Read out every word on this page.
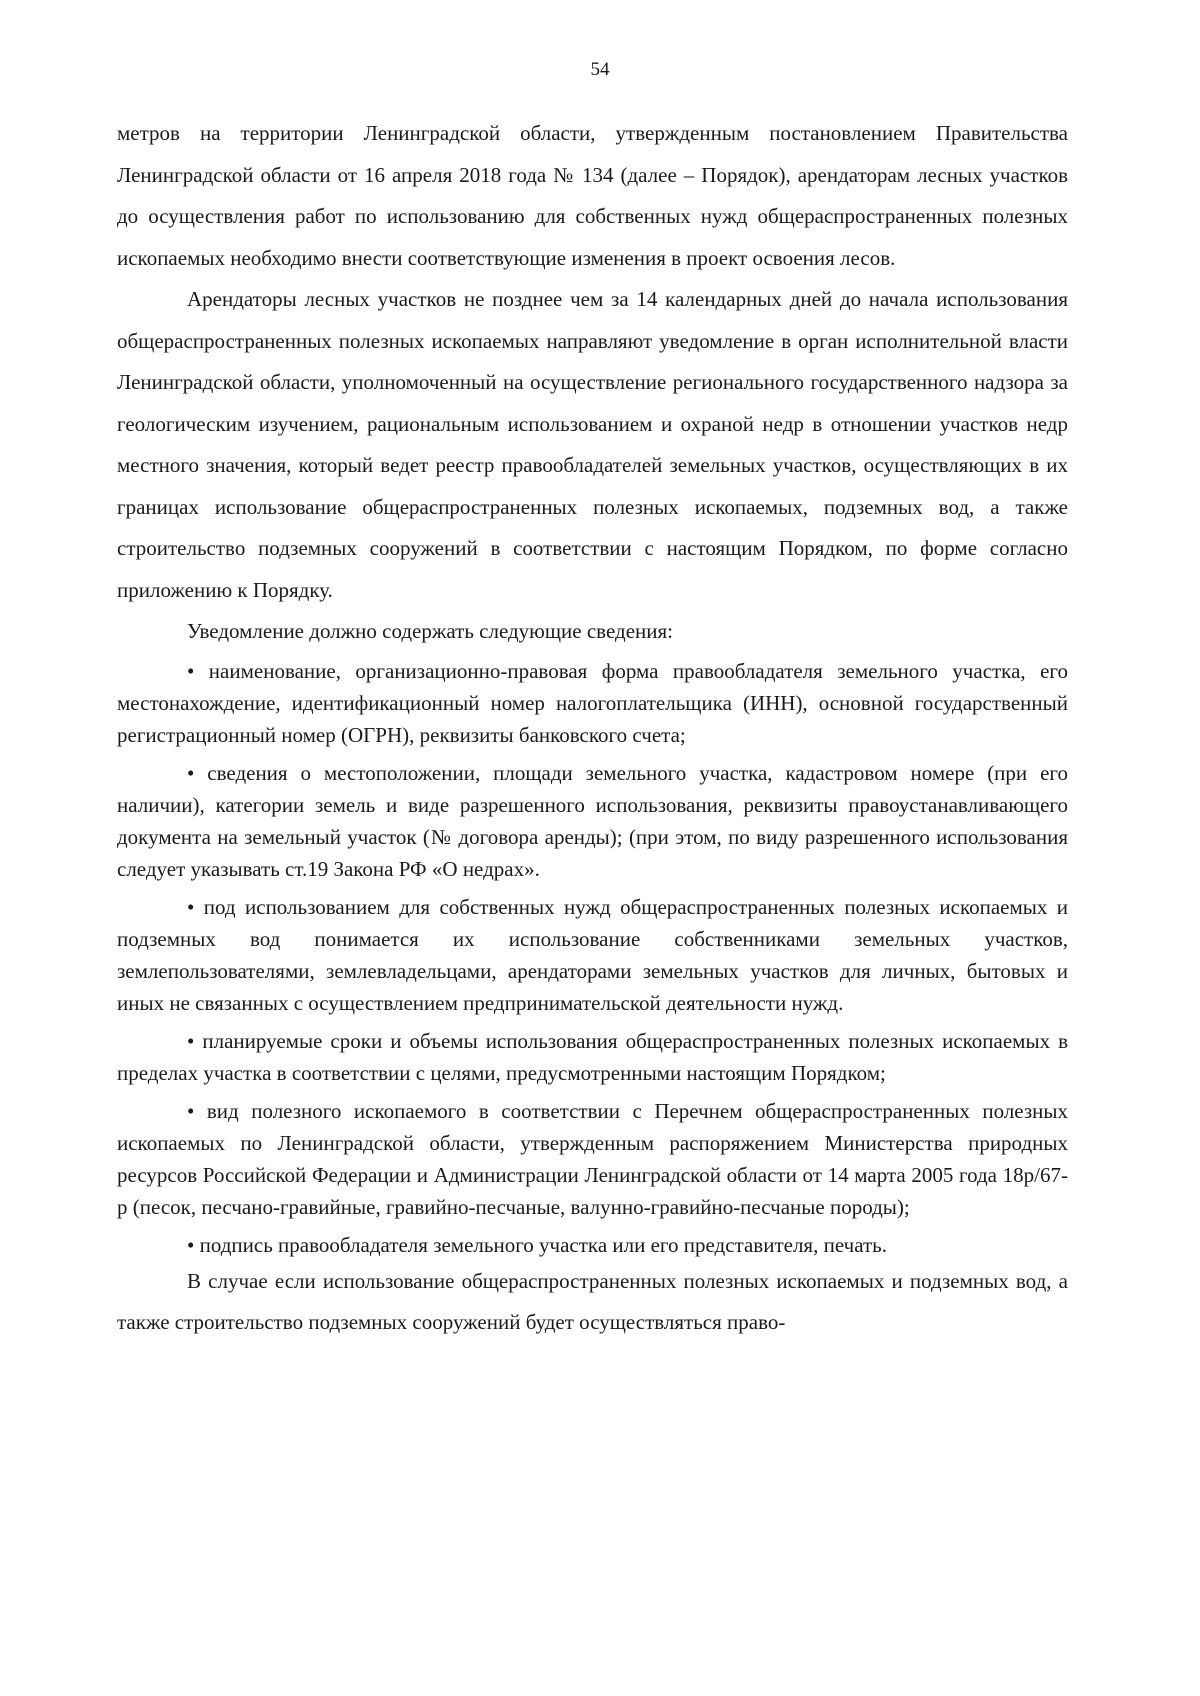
54

метров на территории Ленинградской области, утвержденным постановлением Правительства Ленинградской области от 16 апреля 2018 года № 134 (далее – Порядок), арендаторам лесных участков до осуществления работ по использованию для собственных нужд общераспространенных полезных ископаемых необходимо внести соответствующие изменения в проект освоения лесов.

Арендаторы лесных участков не позднее чем за 14 календарных дней до начала использования общераспространенных полезных ископаемых направляют уведомление в орган исполнительной власти Ленинградской области, уполномоченный на осуществление регионального государственного надзора за геологическим изучением, рациональным использованием и охраной недр в отношении участков недр местного значения, который ведет реестр правообладателей земельных участков, осуществляющих в их границах использование общераспространенных полезных ископаемых, подземных вод, а также строительство подземных сооружений в соответствии с настоящим Порядком, по форме согласно приложению к Порядку.

Уведомление должно содержать следующие сведения:

• наименование, организационно-правовая форма правообладателя земельного участка, его местонахождение, идентификационный номер налогоплательщика (ИНН), основной государственный регистрационный номер (ОГРН), реквизиты банковского счета;

• сведения о местоположении, площади земельного участка, кадастровом номере (при его наличии), категории земель и виде разрешенного использования, реквизиты правоустанавливающего документа на земельный участок (№ договора аренды); (при этом, по виду разрешенного использования следует указывать ст.19 Закона РФ «О недрах».

• под использованием для собственных нужд общераспространенных полезных ископаемых и подземных вод понимается их использование собственниками земельных участков, землепользователями, землевладельцами, арендаторами земельных участков для личных, бытовых и иных не связанных с осуществлением предпринимательской деятельности нужд.

• планируемые сроки и объемы использования общераспространенных полезных ископаемых в пределах участка в соответствии с целями, предусмотренными настоящим Порядком;

• вид полезного ископаемого в соответствии с Перечнем общераспространенных полезных ископаемых по Ленинградской области, утвержденным распоряжением Министерства природных ресурсов Российской Федерации и Администрации Ленинградской области от 14 марта 2005 года 18р/67-р (песок, песчано-гравийные, гравийно-песчаные, валунно-гравийно-песчаные породы);

• подпись правообладателя земельного участка или его представителя, печать.

В случае если использование общераспространенных полезных ископаемых и подземных вод, а также строительство подземных сооружений будет осуществляться право-
